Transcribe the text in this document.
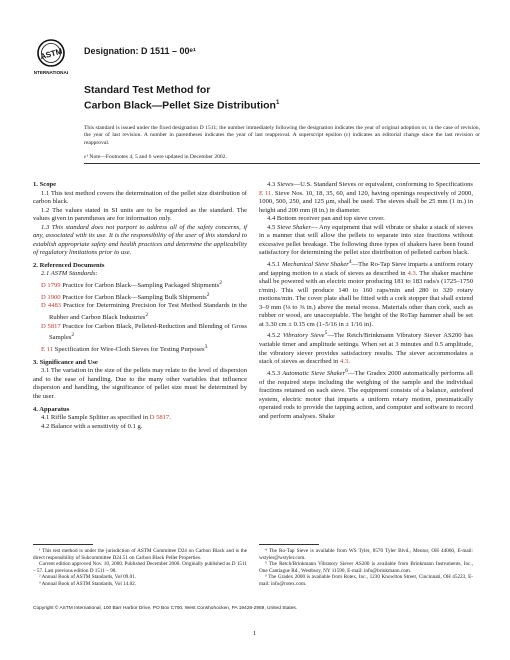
ASTM
INTERNATIONAL
Designation: D 1511 – 00ᵉ¹
Standard Test Method for
Carbon Black—Pellet Size Distribution$^1$
This standard is issued under the fixed designation D 1511; the number immediately following the designation indicates the year of original adoption or, in the case of revision, the year of last revision. A number in parentheses indicates the year of last reapproval. A superscript epsilon (ε) indicates an editorial change since the last revision or reapproval.
ε¹ Note—Footnotes 4, 5 and 6 were updated in December 2002.

1. Scope

1.1 This test method covers the determination of the pellet size distribution of carbon black.

1.2 The values stated in SI units are to be regarded as the standard. The values given in parentheses are for information only.

1.3 This standard does not purport to address all of the safety concerns, if any, associated with its use. It is the responsibility of the user of this standard to establish appropriate safety and health practices and determine the applicability of regulatory limitations prior to use.

2. Referenced Documents

2.1 ASTM Standards:

D 1799 Practice for Carbon Black—Sampling Packaged Shipments$^2$

D 1900 Practice for Carbon Black—Sampling Bulk Shipments$^2$

D 4483 Practice for Determining Precision for Test Method Standards in the Rubber and Carbon Black Industries$^2$

D 5817 Practice for Carbon Black, Pelleted-Reduction and Blending of Gross Samples$^2$

E 11 Specification for Wire-Cloth Sieves for Testing Purposes$^3$

3. Significance and Use

3.1 The variation in the size of the pellets may relate to the level of dispersion and to the ease of handling. Due to the many other variables that influence dispersion and handling, the significance of pellet size must be determined by the user.

4. Apparatus

4.1 Riffle Sample Splitter as specified in D 5817.

4.2 Balance with a sensitivity of 0.1 g.

4.3 Sieves—U.S. Standard Sieves or equivalent, conforming to Specifications E 11. Sieve Nos. 10, 18, 35, 60, and 120, having openings respectively of 2000, 1000, 500, 250, and 125 μm, shall be used. The sieves shall be 25 mm (1 in.) in height and 200 mm (8 in.) in diameter.

4.4 Bottom receiver pan and top sieve cover.

4.5 Sieve Shaker— Any equipment that will vibrate or shake a stack of sieves in a manner that will allow the pellets to separate into size fractions without excessive pellet breakage. The following three types of shakers have been found satisfactory for determining the pellet size distribution of pelleted carbon black.

4.5.1 Mechanical Sieve Shaker$^4$—The Ro-Tap Sieve imparts a uniform rotary and tapping motion to a stack of sieves as described in 4.3. The shaker machine shall be powered with an electric motor producing 181 to 183 rads/s (1725–1750 r/min). This will produce 140 to 160 raps/min and 280 to 320 rotary motions/min. The cover plate shall be fitted with a cork stopper that shall extend 3–9 mm (⅛ to ⅜ in.) above the metal recess. Materials other than cork, such as rubber or wood, are unacceptable. The height of the RoTap hammer shall be set at 3.30 cm ± 0.15 cm (1–5/16 in ± 1/16 in).

4.5.2 Vibratory Sieve$^5$—The Retch/Brinkmann Vibratory Siever AS200 has variable timer and amplitude settings. When set at 3 minutes and 0.5 amplitude, the vibratory siever provides satisfactory results. The siever accommodates a stack of sieves as described in 4.3.

4.5.3 Automatic Sieve Shaker$^6$—The Gradex 2000 automatically performs all of the required steps including the weighing of the sample and the individual fractions retained on each sieve. The equipment consists of a balance, autofeed system, electric motor that imparts a uniform rotary motion, pneumatically operated rods to provide the tapping action, and computer and software to record and perform analyses. Shake

¹ This test method is under the jurisdiction of ASTM Committee D24 on Carbon Black and is the direct responsibility of Subcommittee D24.51 on Carbon Black Pellet Properties.

Current edition approved Nov. 10, 2000. Published December 2000. Originally published as D 1511 – 57. Last previous edition D 1511 – 98.

² Annual Book of ASTM Standards, Vol 09.01.

³ Annual Book of ASTM Standards, Vol 14.02.

⁴ The Ro-Tap Sieve is available from WS Tyler, 8570 Tyler Blvd., Mentor, OH 44060, E-mail: wstyler@wstyler.com.

⁵ The Retch/Brinkmann Vibratory Siever AS200 is available from Brinkmann Instruments, Inc., One Cantiague Rd., Westbury, NY 11590, E-mail: info@brinkmann.com.

⁶ The Gradex 2000 is available from Rotex, Inc., 1230 Knowlton Street, Cincinnati, OH 45223, E-mail: info@rotex.com.

Copyright © ASTM International, 100 Barr Harbor Drive, PO Box C700, West Conshohocken, PA 19428-2959, United States.
1
